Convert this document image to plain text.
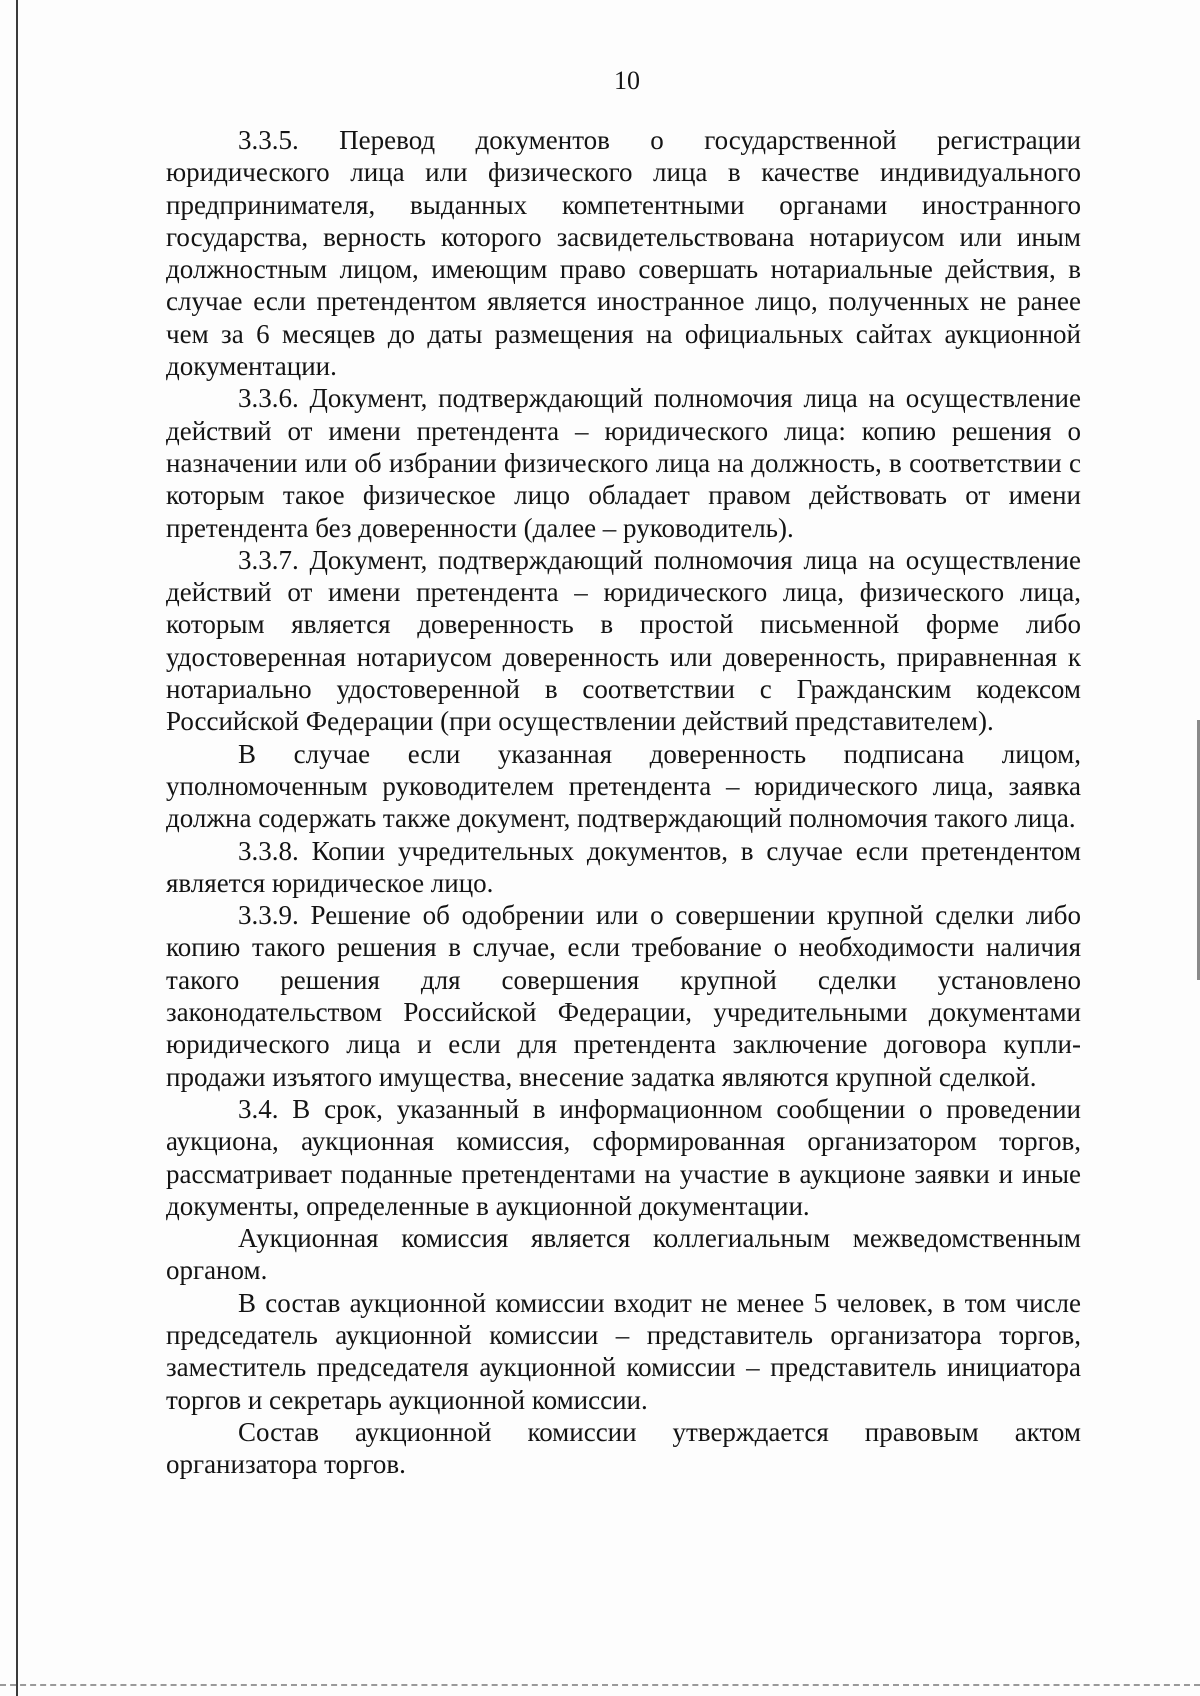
10

3.3.5. Перевод документов о государственной регистрации юридического лица или физического лица в качестве индивидуального предпринимателя, выданных компетентными органами иностранного государства, верность которого засвидетельствована нотариусом или иным должностным лицом, имеющим право совершать нотариальные действия, в случае если претендентом является иностранное лицо, полученных не ранее чем за 6 месяцев до даты размещения на официальных сайтах аукционной документации.

3.3.6. Документ, подтверждающий полномочия лица на осуществление действий от имени претендента – юридического лица: копию решения о назначении или об избрании физического лица на должность, в соответствии с которым такое физическое лицо обладает правом действовать от имени претендента без доверенности (далее – руководитель).

3.3.7. Документ, подтверждающий полномочия лица на осуществление действий от имени претендента – юридического лица, физического лица, которым является доверенность в простой письменной форме либо удостоверенная нотариусом доверенность или доверенность, приравненная к нотариально удостоверенной в соответствии с Гражданским кодексом Российской Федерации (при осуществлении действий представителем).

В случае если указанная доверенность подписана лицом, уполномоченным руководителем претендента – юридического лица, заявка должна содержать также документ, подтверждающий полномочия такого лица.

3.3.8. Копии учредительных документов, в случае если претендентом является юридическое лицо.

3.3.9. Решение об одобрении или о совершении крупной сделки либо копию такого решения в случае, если требование о необходимости наличия такого решения для совершения крупной сделки установлено законодательством Российской Федерации, учредительными документами юридического лица и если для претендента заключение договора купли-продажи изъятого имущества, внесение задатка являются крупной сделкой.

3.4. В срок, указанный в информационном сообщении о проведении аукциона, аукционная комиссия, сформированная организатором торгов, рассматривает поданные претендентами на участие в аукционе заявки и иные документы, определенные в аукционной документации.

Аукционная комиссия является коллегиальным межведомственным органом.

В состав аукционной комиссии входит не менее 5 человек, в том числе председатель аукционной комиссии – представитель организатора торгов, заместитель председателя аукционной комиссии – представитель инициатора торгов и секретарь аукционной комиссии.

Состав аукционной комиссии утверждается правовым актом организатора торгов.
